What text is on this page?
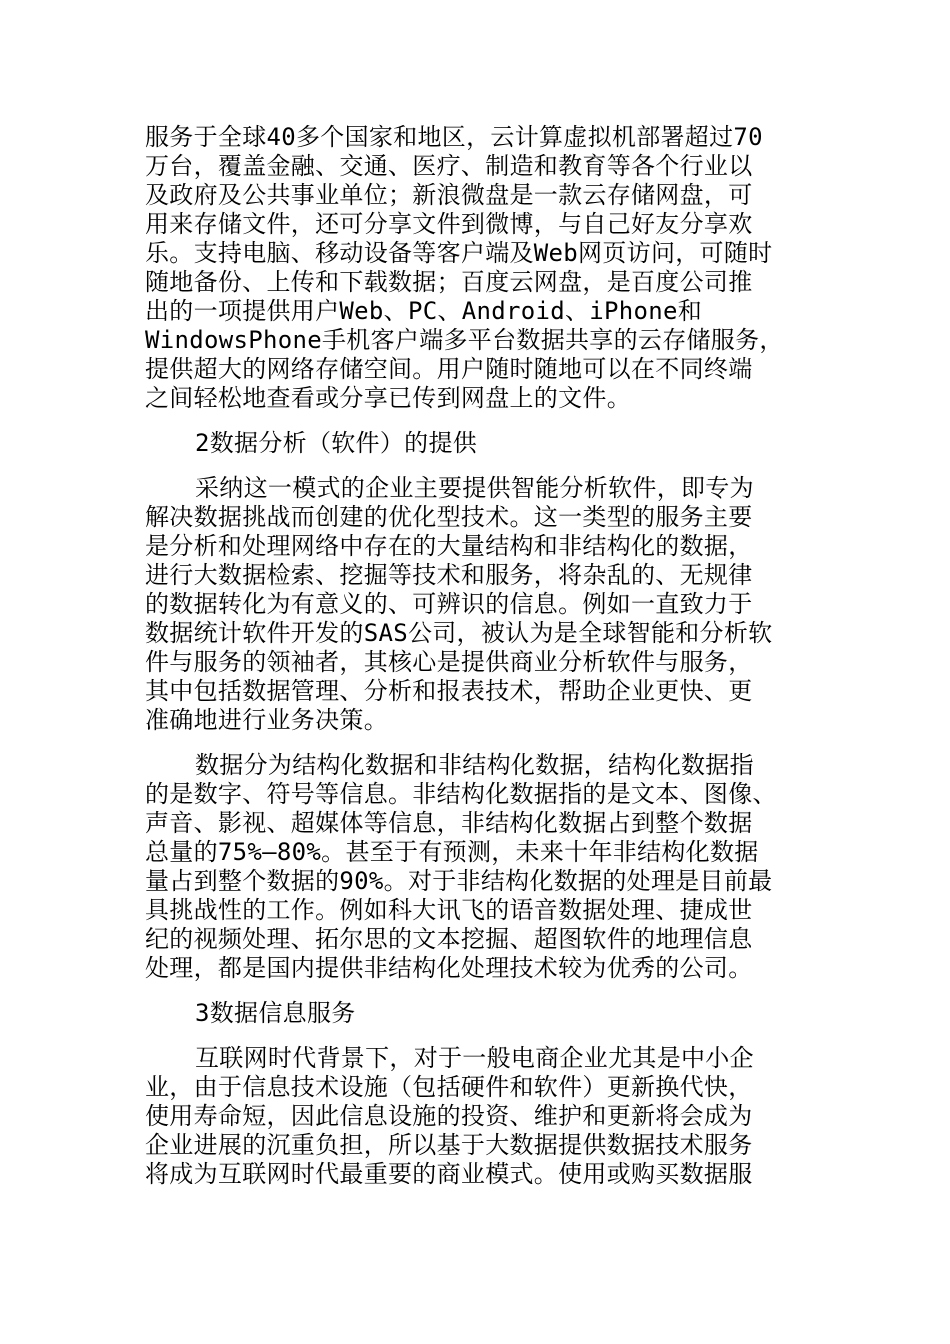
服务于全球40多个国家和地区，云计算虚拟机部署超过70
万台，覆盖金融、交通、医疗、制造和教育等各个行业以
及政府及公共事业单位；新浪微盘是一款云存储网盘，可
用来存储文件，还可分享文件到微博，与自己好友分享欢
乐。支持电脑、移动设备等客户端及Web网页访问，可随时
随地备份、上传和下载数据；百度云网盘，是百度公司推
出的一项提供用户Web、PC、Android、iPhone和
WindowsPhone手机客户端多平台数据共享的云存储服务，
提供超大的网络存储空间。用户随时随地可以在不同终端
之间轻松地查看或分享已传到网盘上的文件。
2数据分析（软件）的提供
采纳这一模式的企业主要提供智能分析软件，即专为
解决数据挑战而创建的优化型技术。这一类型的服务主要
是分析和处理网络中存在的大量结构和非结构化的数据，
进行大数据检索、挖掘等技术和服务，将杂乱的、无规律
的数据转化为有意义的、可辨识的信息。例如一直致力于
数据统计软件开发的SAS公司，被认为是全球智能和分析软
件与服务的领袖者，其核心是提供商业分析软件与服务，
其中包括数据管理、分析和报表技术，帮助企业更快、更
准确地进行业务决策。
数据分为结构化数据和非结构化数据，结构化数据指
的是数字、符号等信息。非结构化数据指的是文本、图像、
声音、影视、超媒体等信息，非结构化数据占到整个数据
总量的75%—80%。甚至于有预测，未来十年非结构化数据
量占到整个数据的90%。对于非结构化数据的处理是目前最
具挑战性的工作。例如科大讯飞的语音数据处理、捷成世
纪的视频处理、拓尔思的文本挖掘、超图软件的地理信息
处理，都是国内提供非结构化处理技术较为优秀的公司。
3数据信息服务
互联网时代背景下，对于一般电商企业尤其是中小企
业，由于信息技术设施（包括硬件和软件）更新换代快，
使用寿命短，因此信息设施的投资、维护和更新将会成为
企业进展的沉重负担，所以基于大数据提供数据技术服务
将成为互联网时代最重要的商业模式。使用或购买数据服
